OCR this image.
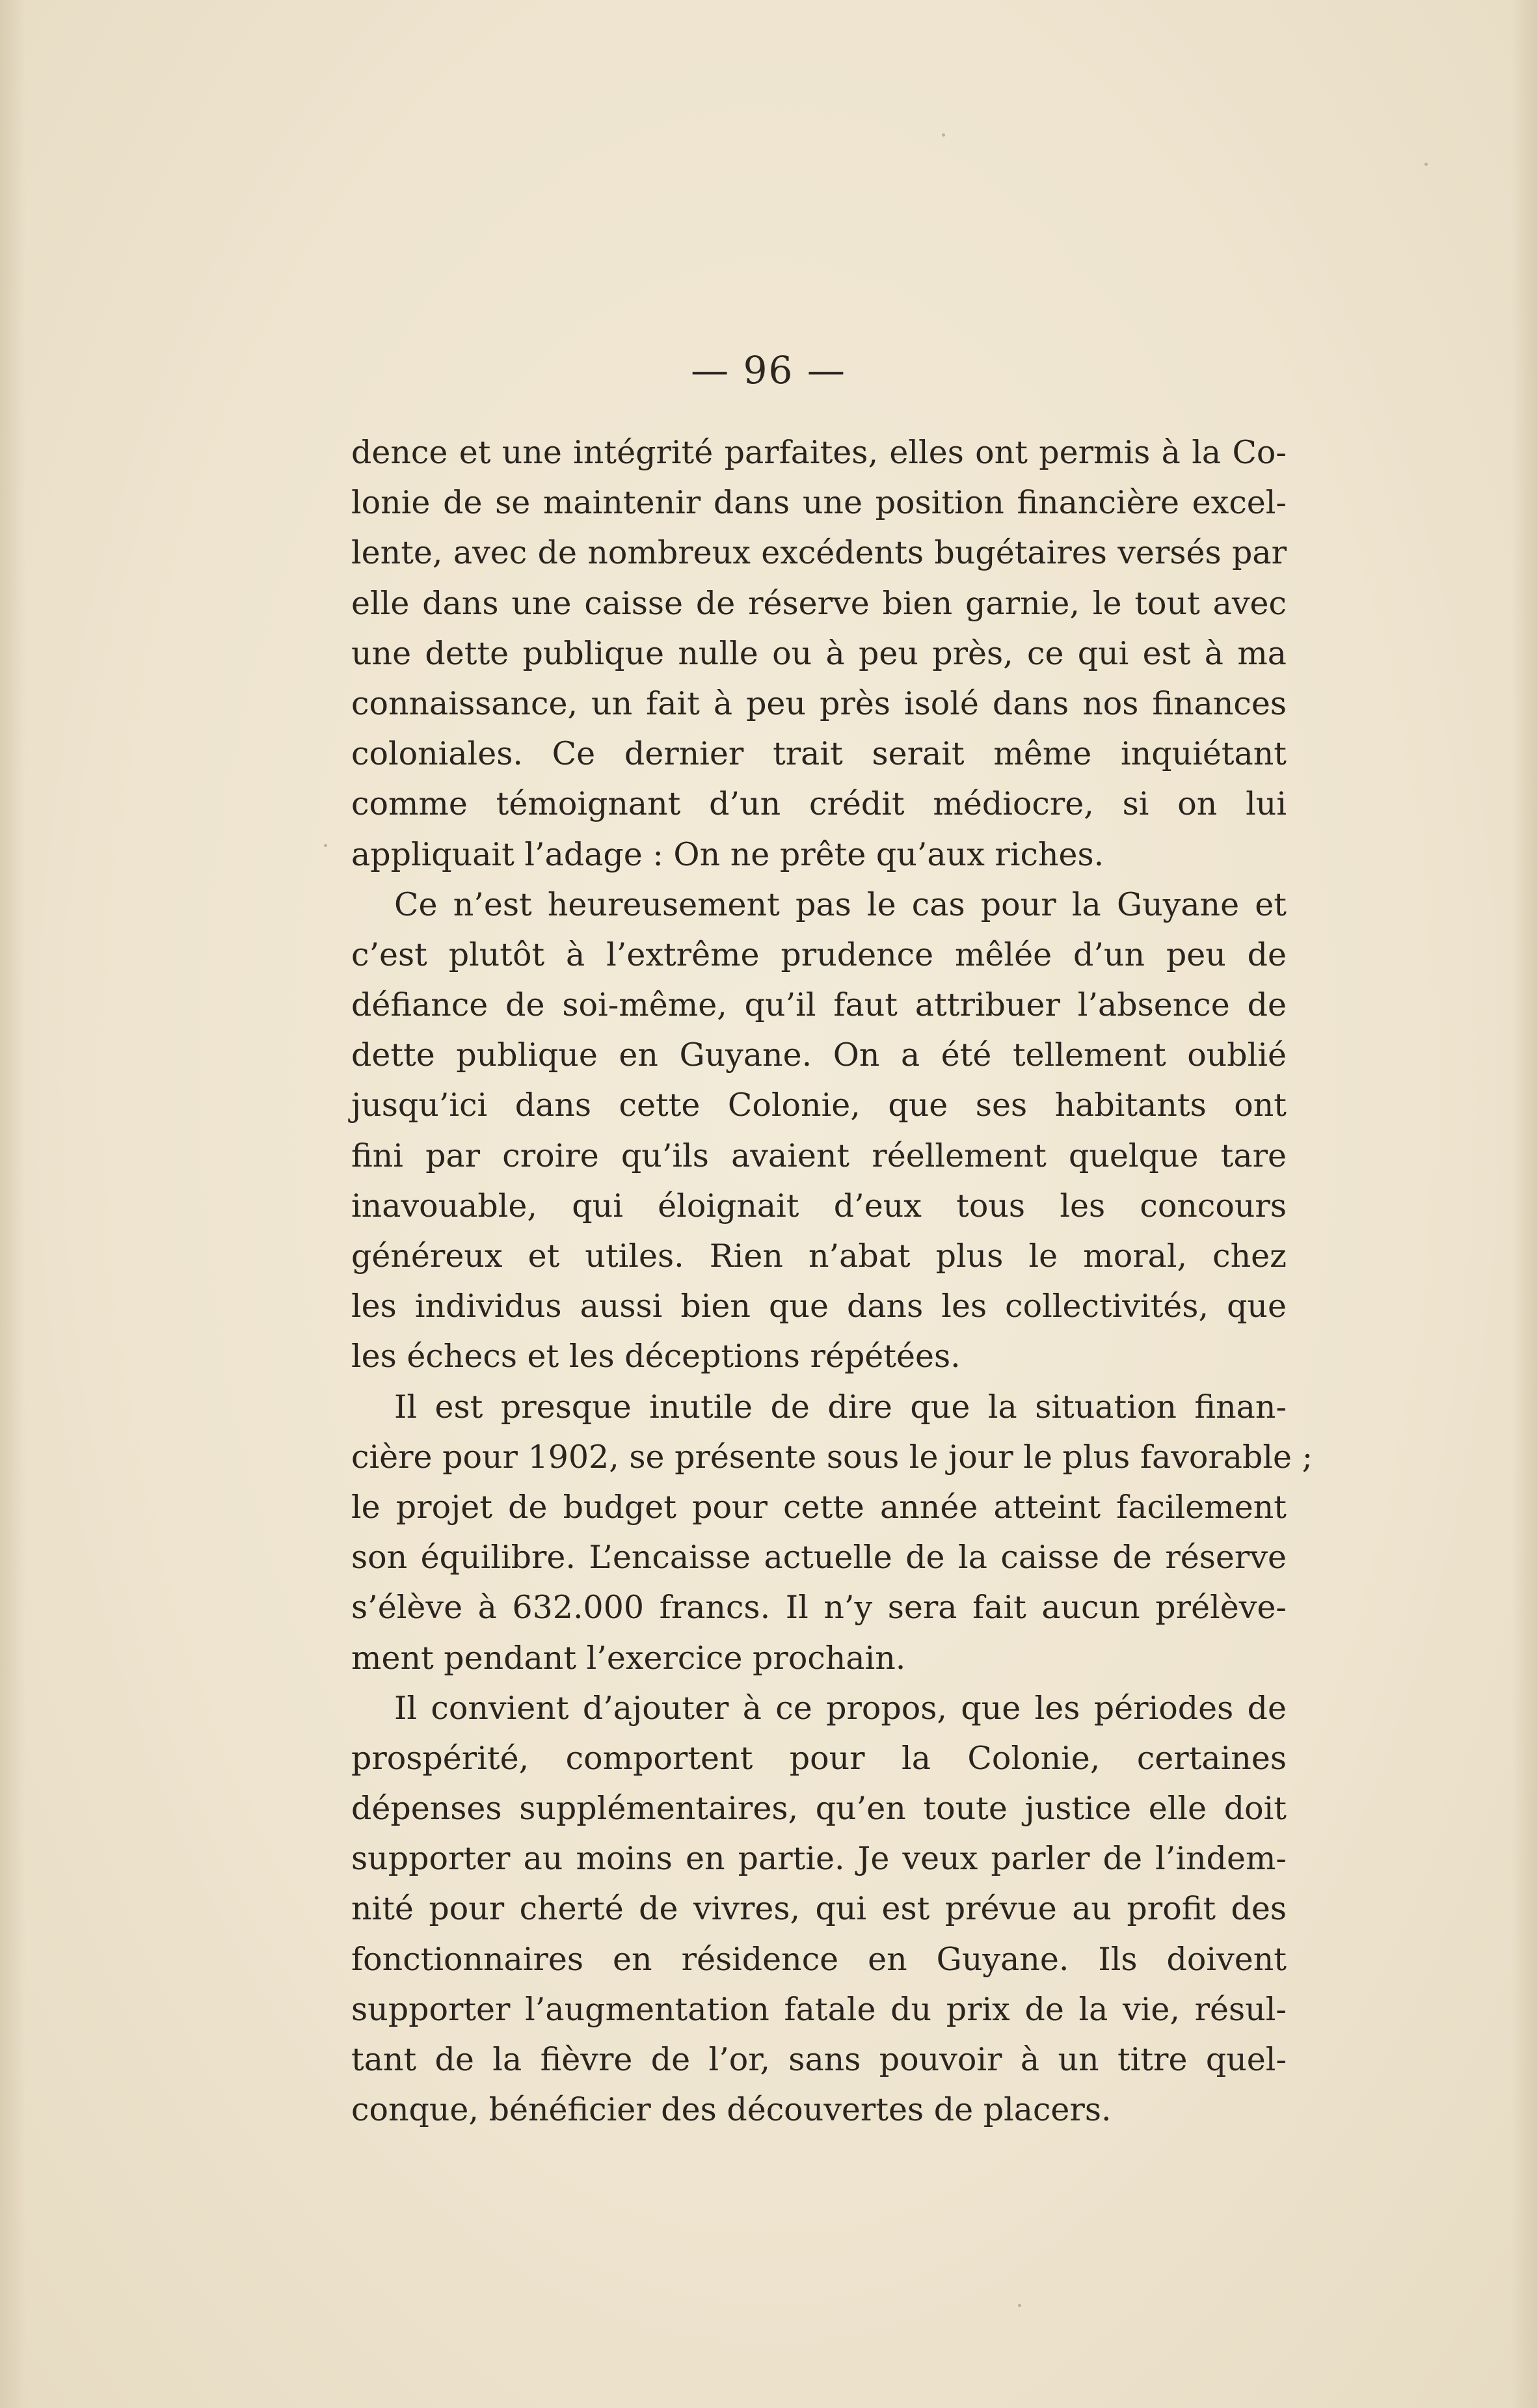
— 96 —
dence et une intégrité parfaites, elles ont permis à la Co-
lonie de se maintenir dans une position financière excel-
lente, avec de nombreux excédents bugétaires versés par
elle dans une caisse de réserve bien garnie, le tout avec
une dette publique nulle ou à peu près, ce qui est à ma
connaissance, un fait à peu près isolé dans nos finances
coloniales. Ce dernier trait serait même inquiétant
comme témoignant d’un crédit médiocre, si on lui
appliquait l’adage : On ne prête qu’aux riches.
Ce n’est heureusement pas le cas pour la Guyane et
c’est plutôt à l’extrême prudence mêlée d’un peu de
défiance de soi-même, qu’il faut attribuer l’absence de
dette publique en Guyane. On a été tellement oublié
jusqu’ici dans cette Colonie, que ses habitants ont
fini par croire qu’ils avaient réellement quelque tare
inavouable, qui éloignait d’eux tous les concours
généreux et utiles. Rien n’abat plus le moral, chez
les individus aussi bien que dans les collectivités, que
les échecs et les déceptions répétées.
Il est presque inutile de dire que la situation finan-
cière pour 1902, se présente sous le jour le plus favorable ;
le projet de budget pour cette année atteint facilement
son équilibre. L’encaisse actuelle de la caisse de réserve
s’élève à 632.000 francs. Il n’y sera fait aucun prélève-
ment pendant l’exercice prochain.
Il convient d’ajouter à ce propos, que les périodes de
prospérité, comportent pour la Colonie, certaines
dépenses supplémentaires, qu’en toute justice elle doit
supporter au moins en partie. Je veux parler de l’indem-
nité pour cherté de vivres, qui est prévue au profit des
fonctionnaires en résidence en Guyane. Ils doivent
supporter l’augmentation fatale du prix de la vie, résul-
tant de la fièvre de l’or, sans pouvoir à un titre quel-
conque, bénéficier des découvertes de placers.
